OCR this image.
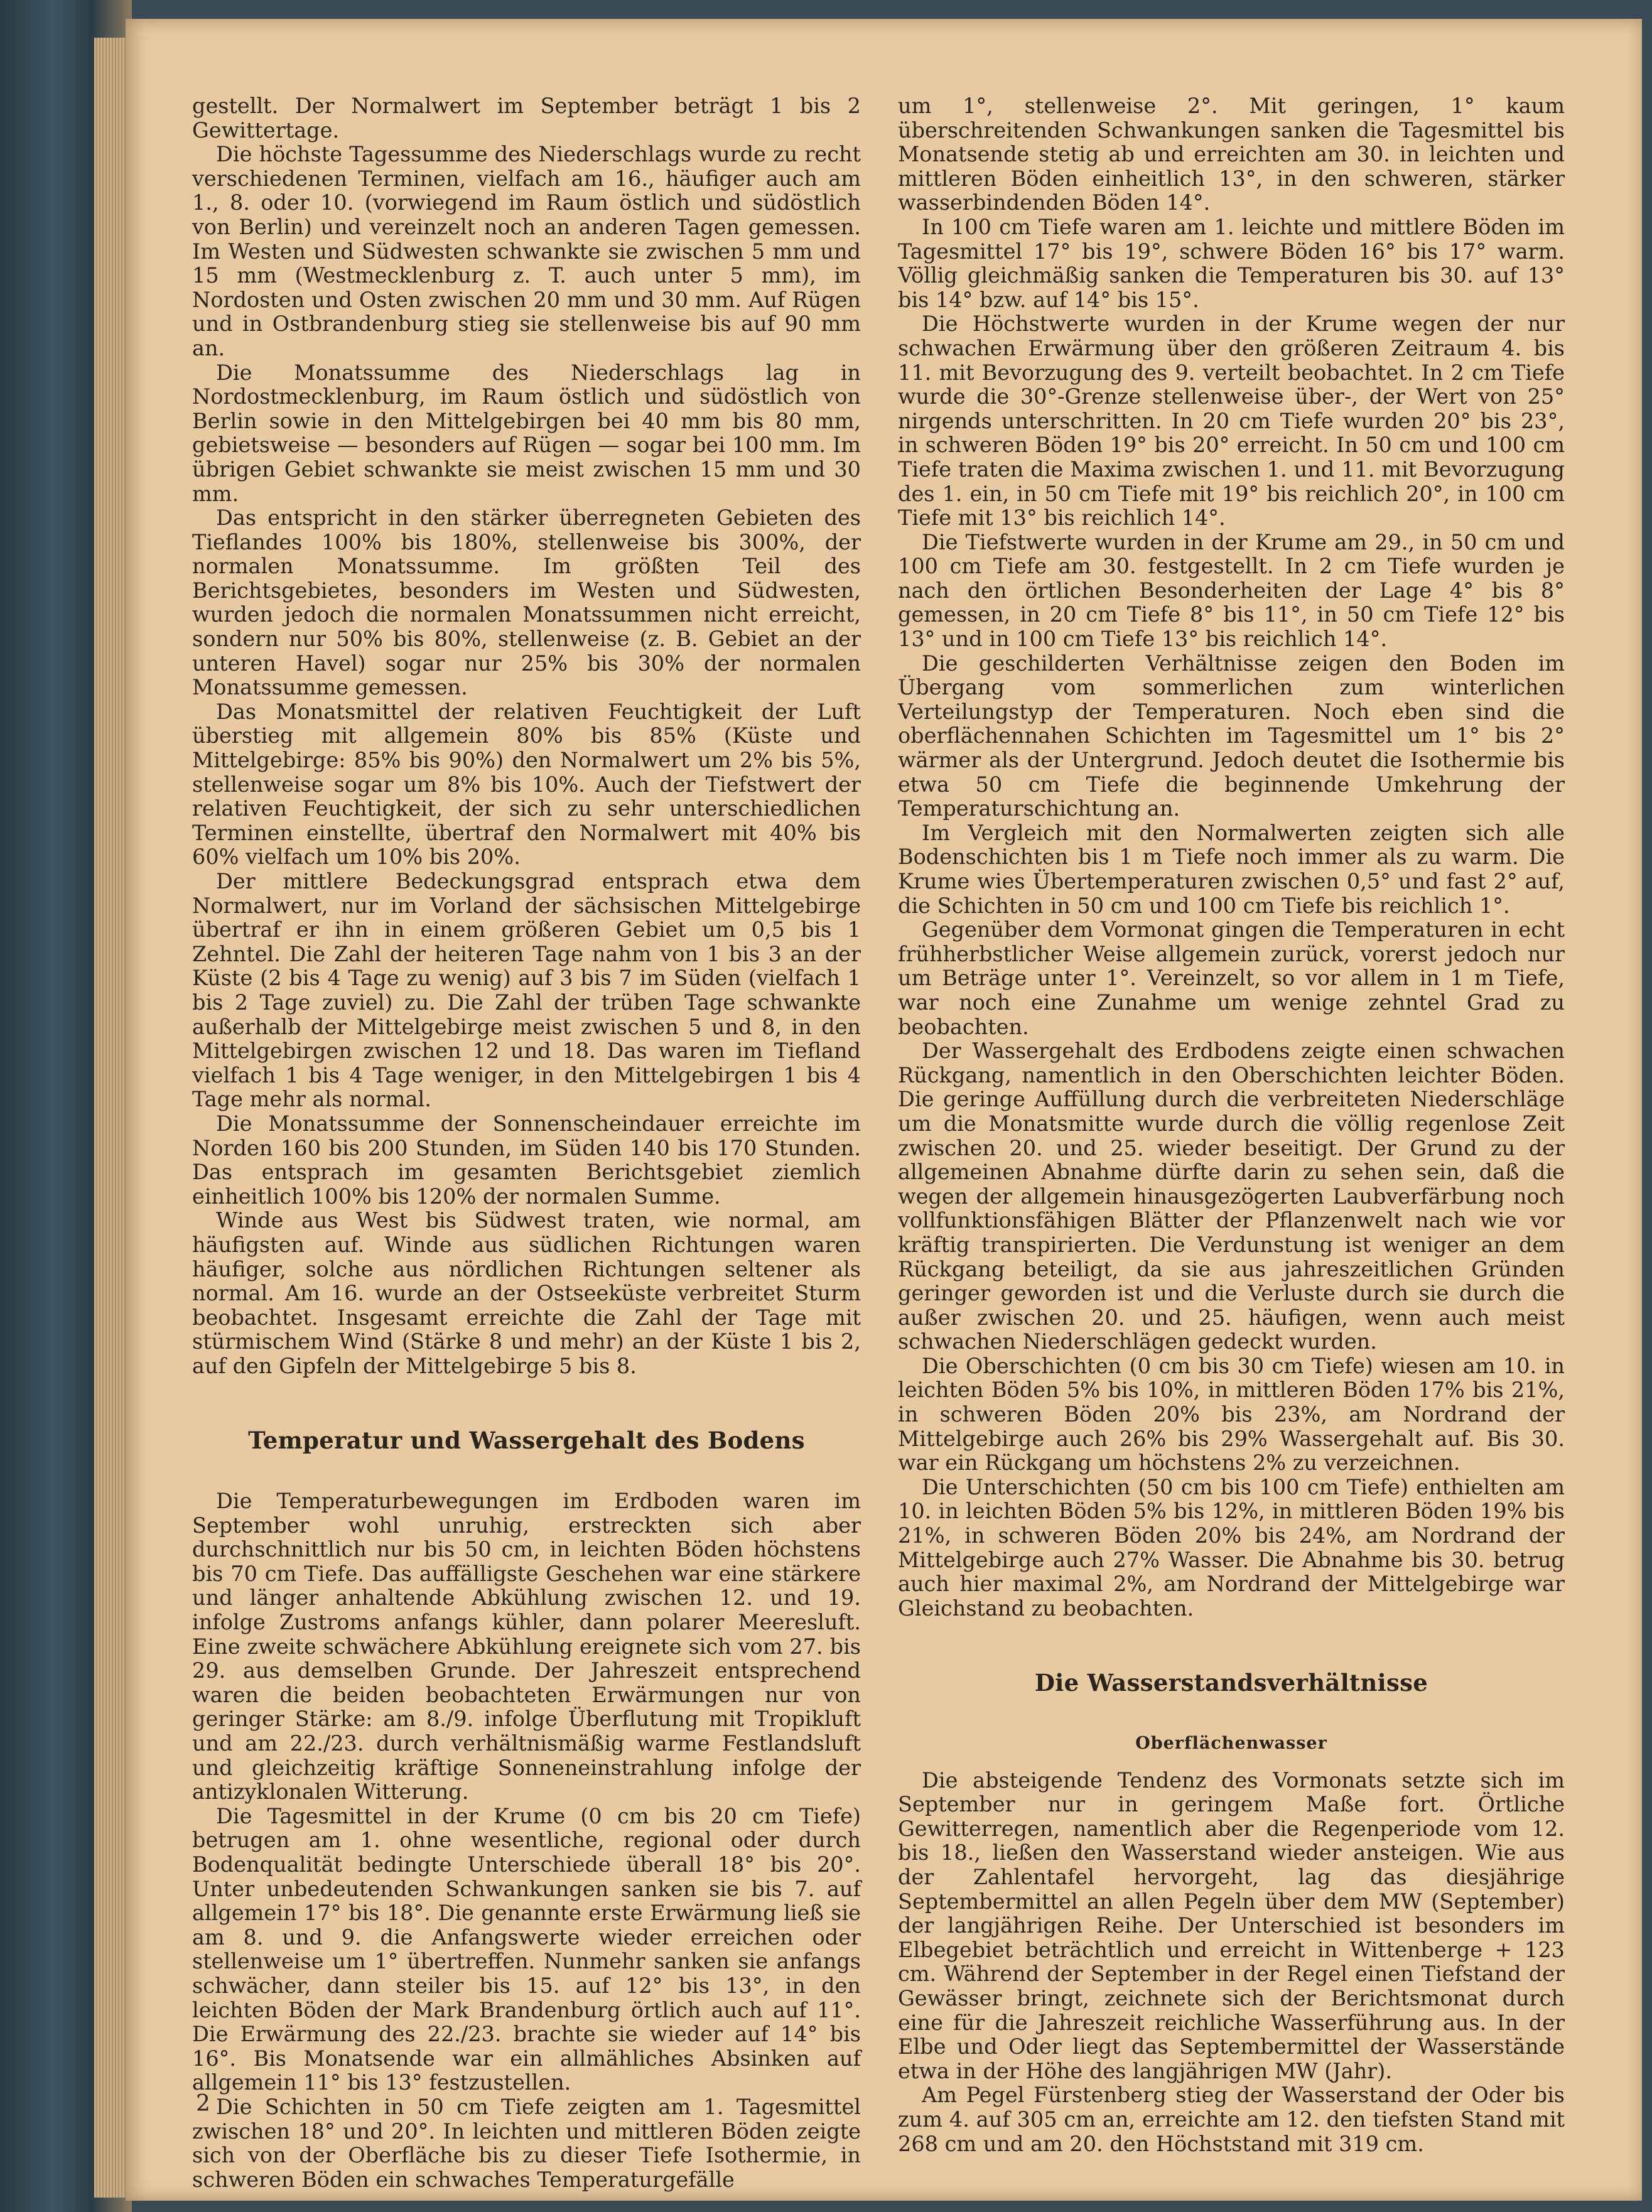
gestellt. Der Normalwert im September beträgt 1 bis 2 Gewittertage.

Die höchste Tagessumme des Niederschlags wurde zu recht verschiedenen Terminen, vielfach am 16., häufiger auch am 1., 8. oder 10. (vorwiegend im Raum östlich und südöstlich von Berlin) und vereinzelt noch an anderen Tagen gemessen. Im Westen und Südwesten schwankte sie zwischen 5 mm und 15 mm (Westmecklenburg z. T. auch unter 5 mm), im Nordosten und Osten zwischen 20 mm und 30 mm. Auf Rügen und in Ostbrandenburg stieg sie stellenweise bis auf 90 mm an.

Die Monatssumme des Niederschlags lag in Nordostmecklenburg, im Raum östlich und südöstlich von Berlin sowie in den Mittelgebirgen bei 40 mm bis 80 mm, gebietsweise — besonders auf Rügen — sogar bei 100 mm. Im übrigen Gebiet schwankte sie meist zwischen 15 mm und 30 mm.

Das entspricht in den stärker überregneten Gebieten des Tieflandes 100% bis 180%, stellenweise bis 300%, der normalen Monatssumme. Im größten Teil des Berichtsgebietes, besonders im Westen und Südwesten, wurden jedoch die normalen Monatssummen nicht erreicht, sondern nur 50% bis 80%, stellenweise (z. B. Gebiet an der unteren Havel) sogar nur 25% bis 30% der normalen Monatssumme gemessen.

Das Monatsmittel der relativen Feuchtigkeit der Luft überstieg mit allgemein 80% bis 85% (Küste und Mittelgebirge: 85% bis 90%) den Normalwert um 2% bis 5%, stellenweise sogar um 8% bis 10%. Auch der Tiefstwert der relativen Feuchtigkeit, der sich zu sehr unterschiedlichen Terminen einstellte, übertraf den Normalwert mit 40% bis 60% vielfach um 10% bis 20%.

Der mittlere Bedeckungsgrad entsprach etwa dem Normalwert, nur im Vorland der sächsischen Mittelgebirge übertraf er ihn in einem größeren Gebiet um 0,5 bis 1 Zehntel. Die Zahl der heiteren Tage nahm von 1 bis 3 an der Küste (2 bis 4 Tage zu wenig) auf 3 bis 7 im Süden (vielfach 1 bis 2 Tage zuviel) zu. Die Zahl der trüben Tage schwankte außerhalb der Mittelgebirge meist zwischen 5 und 8, in den Mittelgebirgen zwischen 12 und 18. Das waren im Tiefland vielfach 1 bis 4 Tage weniger, in den Mittelgebirgen 1 bis 4 Tage mehr als normal.

Die Monatssumme der Sonnenscheindauer erreichte im Norden 160 bis 200 Stunden, im Süden 140 bis 170 Stunden. Das entsprach im gesamten Berichtsgebiet ziemlich einheitlich 100% bis 120% der normalen Summe.

Winde aus West bis Südwest traten, wie normal, am häufigsten auf. Winde aus südlichen Richtungen waren häufiger, solche aus nördlichen Richtungen seltener als normal. Am 16. wurde an der Ostseeküste verbreitet Sturm beobachtet. Insgesamt erreichte die Zahl der Tage mit stürmischem Wind (Stärke 8 und mehr) an der Küste 1 bis 2, auf den Gipfeln der Mittelgebirge 5 bis 8.

Temperatur und Wassergehalt des Bodens

Die Temperaturbewegungen im Erdboden waren im September wohl unruhig, erstreckten sich aber durchschnittlich nur bis 50 cm, in leichten Böden höchstens bis 70 cm Tiefe. Das auffälligste Geschehen war eine stärkere und länger anhaltende Abkühlung zwischen 12. und 19. infolge Zustroms anfangs kühler, dann polarer Meeresluft. Eine zweite schwächere Abkühlung ereignete sich vom 27. bis 29. aus demselben Grunde. Der Jahreszeit entsprechend waren die beiden beobachteten Erwärmungen nur von geringer Stärke: am 8./9. infolge Überflutung mit Tropikluft und am 22./23. durch verhältnismäßig warme Festlandsluft und gleichzeitig kräftige Sonneneinstrahlung infolge der antizyklonalen Witterung.

Die Tagesmittel in der Krume (0 cm bis 20 cm Tiefe) betrugen am 1. ohne wesentliche, regional oder durch Bodenqualität bedingte Unterschiede überall 18° bis 20°. Unter unbedeutenden Schwankungen sanken sie bis 7. auf allgemein 17° bis 18°. Die genannte erste Erwärmung ließ sie am 8. und 9. die Anfangswerte wieder erreichen oder stellenweise um 1° übertreffen. Nunmehr sanken sie anfangs schwächer, dann steiler bis 15. auf 12° bis 13°, in den leichten Böden der Mark Brandenburg örtlich auch auf 11°. Die Erwärmung des 22./23. brachte sie wieder auf 14° bis 16°. Bis Monatsende war ein allmähliches Absinken auf allgemein 11° bis 13° festzustellen.

Die Schichten in 50 cm Tiefe zeigten am 1. Tagesmittel zwischen 18° und 20°. In leichten und mittleren Böden zeigte sich von der Oberfläche bis zu dieser Tiefe Isothermie, in schweren Böden ein schwaches Temperaturgefälle

um 1°, stellenweise 2°. Mit geringen, 1° kaum überschreitenden Schwankungen sanken die Tagesmittel bis Monatsende stetig ab und erreichten am 30. in leichten und mittleren Böden einheitlich 13°, in den schweren, stärker wasserbindenden Böden 14°.

In 100 cm Tiefe waren am 1. leichte und mittlere Böden im Tagesmittel 17° bis 19°, schwere Böden 16° bis 17° warm. Völlig gleichmäßig sanken die Temperaturen bis 30. auf 13° bis 14° bzw. auf 14° bis 15°.

Die Höchstwerte wurden in der Krume wegen der nur schwachen Erwärmung über den größeren Zeitraum 4. bis 11. mit Bevorzugung des 9. verteilt beobachtet. In 2 cm Tiefe wurde die 30°-Grenze stellenweise über-, der Wert von 25° nirgends unterschritten. In 20 cm Tiefe wurden 20° bis 23°, in schweren Böden 19° bis 20° erreicht. In 50 cm und 100 cm Tiefe traten die Maxima zwischen 1. und 11. mit Bevorzugung des 1. ein, in 50 cm Tiefe mit 19° bis reichlich 20°, in 100 cm Tiefe mit 13° bis reichlich 14°.

Die Tiefstwerte wurden in der Krume am 29., in 50 cm und 100 cm Tiefe am 30. festgestellt. In 2 cm Tiefe wurden je nach den örtlichen Besonderheiten der Lage 4° bis 8° gemessen, in 20 cm Tiefe 8° bis 11°, in 50 cm Tiefe 12° bis 13° und in 100 cm Tiefe 13° bis reichlich 14°.

Die geschilderten Verhältnisse zeigen den Boden im Übergang vom sommerlichen zum winterlichen Verteilungstyp der Temperaturen. Noch eben sind die oberflächennahen Schichten im Tagesmittel um 1° bis 2° wärmer als der Untergrund. Jedoch deutet die Isothermie bis etwa 50 cm Tiefe die beginnende Umkehrung der Temperaturschichtung an.

Im Vergleich mit den Normalwerten zeigten sich alle Bodenschichten bis 1 m Tiefe noch immer als zu warm. Die Krume wies Übertemperaturen zwischen 0,5° und fast 2° auf, die Schichten in 50 cm und 100 cm Tiefe bis reichlich 1°.

Gegenüber dem Vormonat gingen die Temperaturen in echt frühherbstlicher Weise allgemein zurück, vorerst jedoch nur um Beträge unter 1°. Vereinzelt, so vor allem in 1 m Tiefe, war noch eine Zunahme um wenige zehntel Grad zu beobachten.

Der Wassergehalt des Erdbodens zeigte einen schwachen Rückgang, namentlich in den Oberschichten leichter Böden. Die geringe Auffüllung durch die verbreiteten Niederschläge um die Monatsmitte wurde durch die völlig regenlose Zeit zwischen 20. und 25. wieder beseitigt. Der Grund zu der allgemeinen Abnahme dürfte darin zu sehen sein, daß die wegen der allgemein hinausgezögerten Laubverfärbung noch vollfunktionsfähigen Blätter der Pflanzenwelt nach wie vor kräftig transpirierten. Die Verdunstung ist weniger an dem Rückgang beteiligt, da sie aus jahreszeitlichen Gründen geringer geworden ist und die Verluste durch sie durch die außer zwischen 20. und 25. häufigen, wenn auch meist schwachen Niederschlägen gedeckt wurden.

Die Oberschichten (0 cm bis 30 cm Tiefe) wiesen am 10. in leichten Böden 5% bis 10%, in mittleren Böden 17% bis 21%, in schweren Böden 20% bis 23%, am Nordrand der Mittelgebirge auch 26% bis 29% Wassergehalt auf. Bis 30. war ein Rückgang um höchstens 2% zu verzeichnen.

Die Unterschichten (50 cm bis 100 cm Tiefe) enthielten am 10. in leichten Böden 5% bis 12%, in mittleren Böden 19% bis 21%, in schweren Böden 20% bis 24%, am Nordrand der Mittelgebirge auch 27% Wasser. Die Abnahme bis 30. betrug auch hier maximal 2%, am Nordrand der Mittelgebirge war Gleichstand zu beobachten.

Die Wasserstandsverhältnisse
Oberflächenwasser

Die absteigende Tendenz des Vormonats setzte sich im September nur in geringem Maße fort. Örtliche Gewitterregen, namentlich aber die Regenperiode vom 12. bis 18., ließen den Wasserstand wieder ansteigen. Wie aus der Zahlentafel hervorgeht, lag das diesjährige Septembermittel an allen Pegeln über dem MW (September) der langjährigen Reihe. Der Unterschied ist besonders im Elbegebiet beträchtlich und erreicht in Wittenberge + 123 cm. Während der September in der Regel einen Tiefstand der Gewässer bringt, zeichnete sich der Berichtsmonat durch eine für die Jahreszeit reichliche Wasserführung aus. In der Elbe und Oder liegt das Septembermittel der Wasserstände etwa in der Höhe des langjährigen MW (Jahr).

Am Pegel Fürstenberg stieg der Wasserstand der Oder bis zum 4. auf 305 cm an, erreichte am 12. den tiefsten Stand mit 268 cm und am 20. den Höchststand mit 319 cm.

2
